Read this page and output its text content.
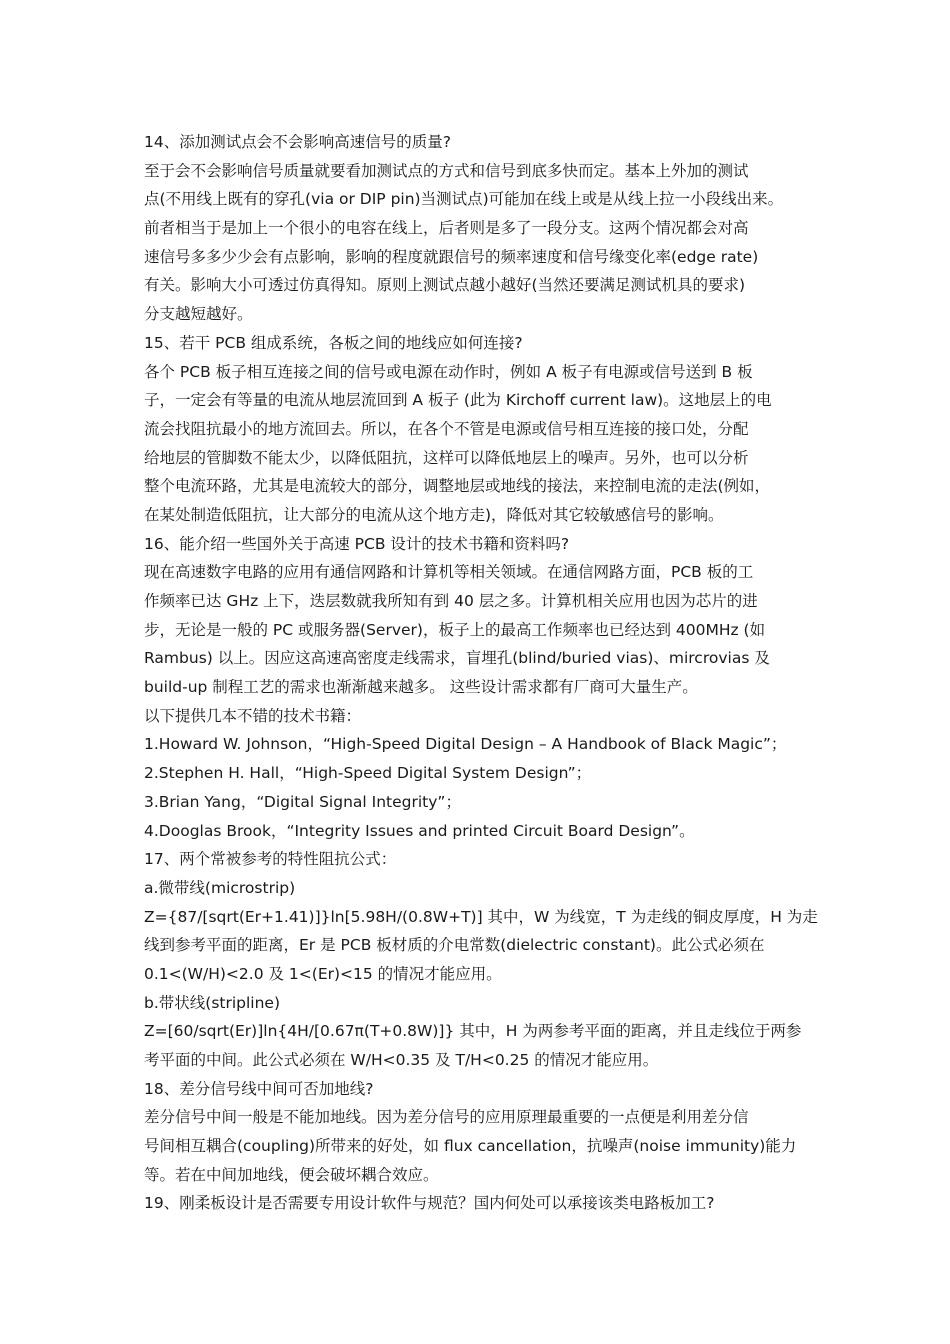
14、添加测试点会不会影响高速信号的质量?
至于会不会影响信号质量就要看加测试点的方式和信号到底多快而定。基本上外加的测试
点(不用线上既有的穿孔(via or DIP pin)当测试点)可能加在线上或是从线上拉一小段线出来。
前者相当于是加上一个很小的电容在线上，后者则是多了一段分支。这两个情况都会对高
速信号多多少少会有点影响，影响的程度就跟信号的频率速度和信号缘变化率(edge rate)
有关。影响大小可透过仿真得知。原则上测试点越小越好(当然还要满足测试机具的要求)
分支越短越好。
15、若干 PCB 组成系统，各板之间的地线应如何连接?
各个 PCB 板子相互连接之间的信号或电源在动作时，例如 A 板子有电源或信号送到 B 板
子，一定会有等量的电流从地层流回到 A 板子 (此为 Kirchoff current law)。这地层上的电
流会找阻抗最小的地方流回去。所以，在各个不管是电源或信号相互连接的接口处，分配
给地层的管脚数不能太少，以降低阻抗，这样可以降低地层上的噪声。另外，也可以分析
整个电流环路，尤其是电流较大的部分，调整地层或地线的接法，来控制电流的走法(例如，
在某处制造低阻抗，让大部分的电流从这个地方走)，降低对其它较敏感信号的影响。
16、能介绍一些国外关于高速 PCB 设计的技术书籍和资料吗?
现在高速数字电路的应用有通信网路和计算机等相关领域。在通信网路方面，PCB 板的工
作频率已达 GHz 上下，迭层数就我所知有到 40 层之多。计算机相关应用也因为芯片的进
步，无论是一般的 PC 或服务器(Server)，板子上的最高工作频率也已经达到 400MHz (如
Rambus) 以上。因应这高速高密度走线需求，盲埋孔(blind/buried vias)、mircrovias 及
build-up 制程工艺的需求也渐渐越来越多。 这些设计需求都有厂商可大量生产。
以下提供几本不错的技术书籍：
1.Howard W. Johnson，“High-Speed Digital Design – A Handbook of Black Magic”；
2.Stephen H. Hall，“High-Speed Digital System Design”；
3.Brian Yang，“Digital Signal Integrity”；
4.Dooglas Brook，“Integrity Issues and printed Circuit Board Design”。
17、两个常被参考的特性阻抗公式：
a.微带线(microstrip)
Z={87/[sqrt(Er+1.41)]}ln[5.98H/(0.8W+T)] 其中，W 为线宽，T 为走线的铜皮厚度，H 为走
线到参考平面的距离，Er 是 PCB 板材质的介电常数(dielectric constant)。此公式必须在
0.1<(W/H)<2.0 及 1<(Er)<15 的情况才能应用。
b.带状线(stripline)
Z=[60/sqrt(Er)]ln{4H/[0.67π(T+0.8W)]} 其中，H 为两参考平面的距离，并且走线位于两参
考平面的中间。此公式必须在 W/H<0.35 及 T/H<0.25 的情况才能应用。
18、差分信号线中间可否加地线?
差分信号中间一般是不能加地线。因为差分信号的应用原理最重要的一点便是利用差分信
号间相互耦合(coupling)所带来的好处，如 flux cancellation，抗噪声(noise immunity)能力
等。若在中间加地线，便会破坏耦合效应。
19、刚柔板设计是否需要专用设计软件与规范？国内何处可以承接该类电路板加工?
